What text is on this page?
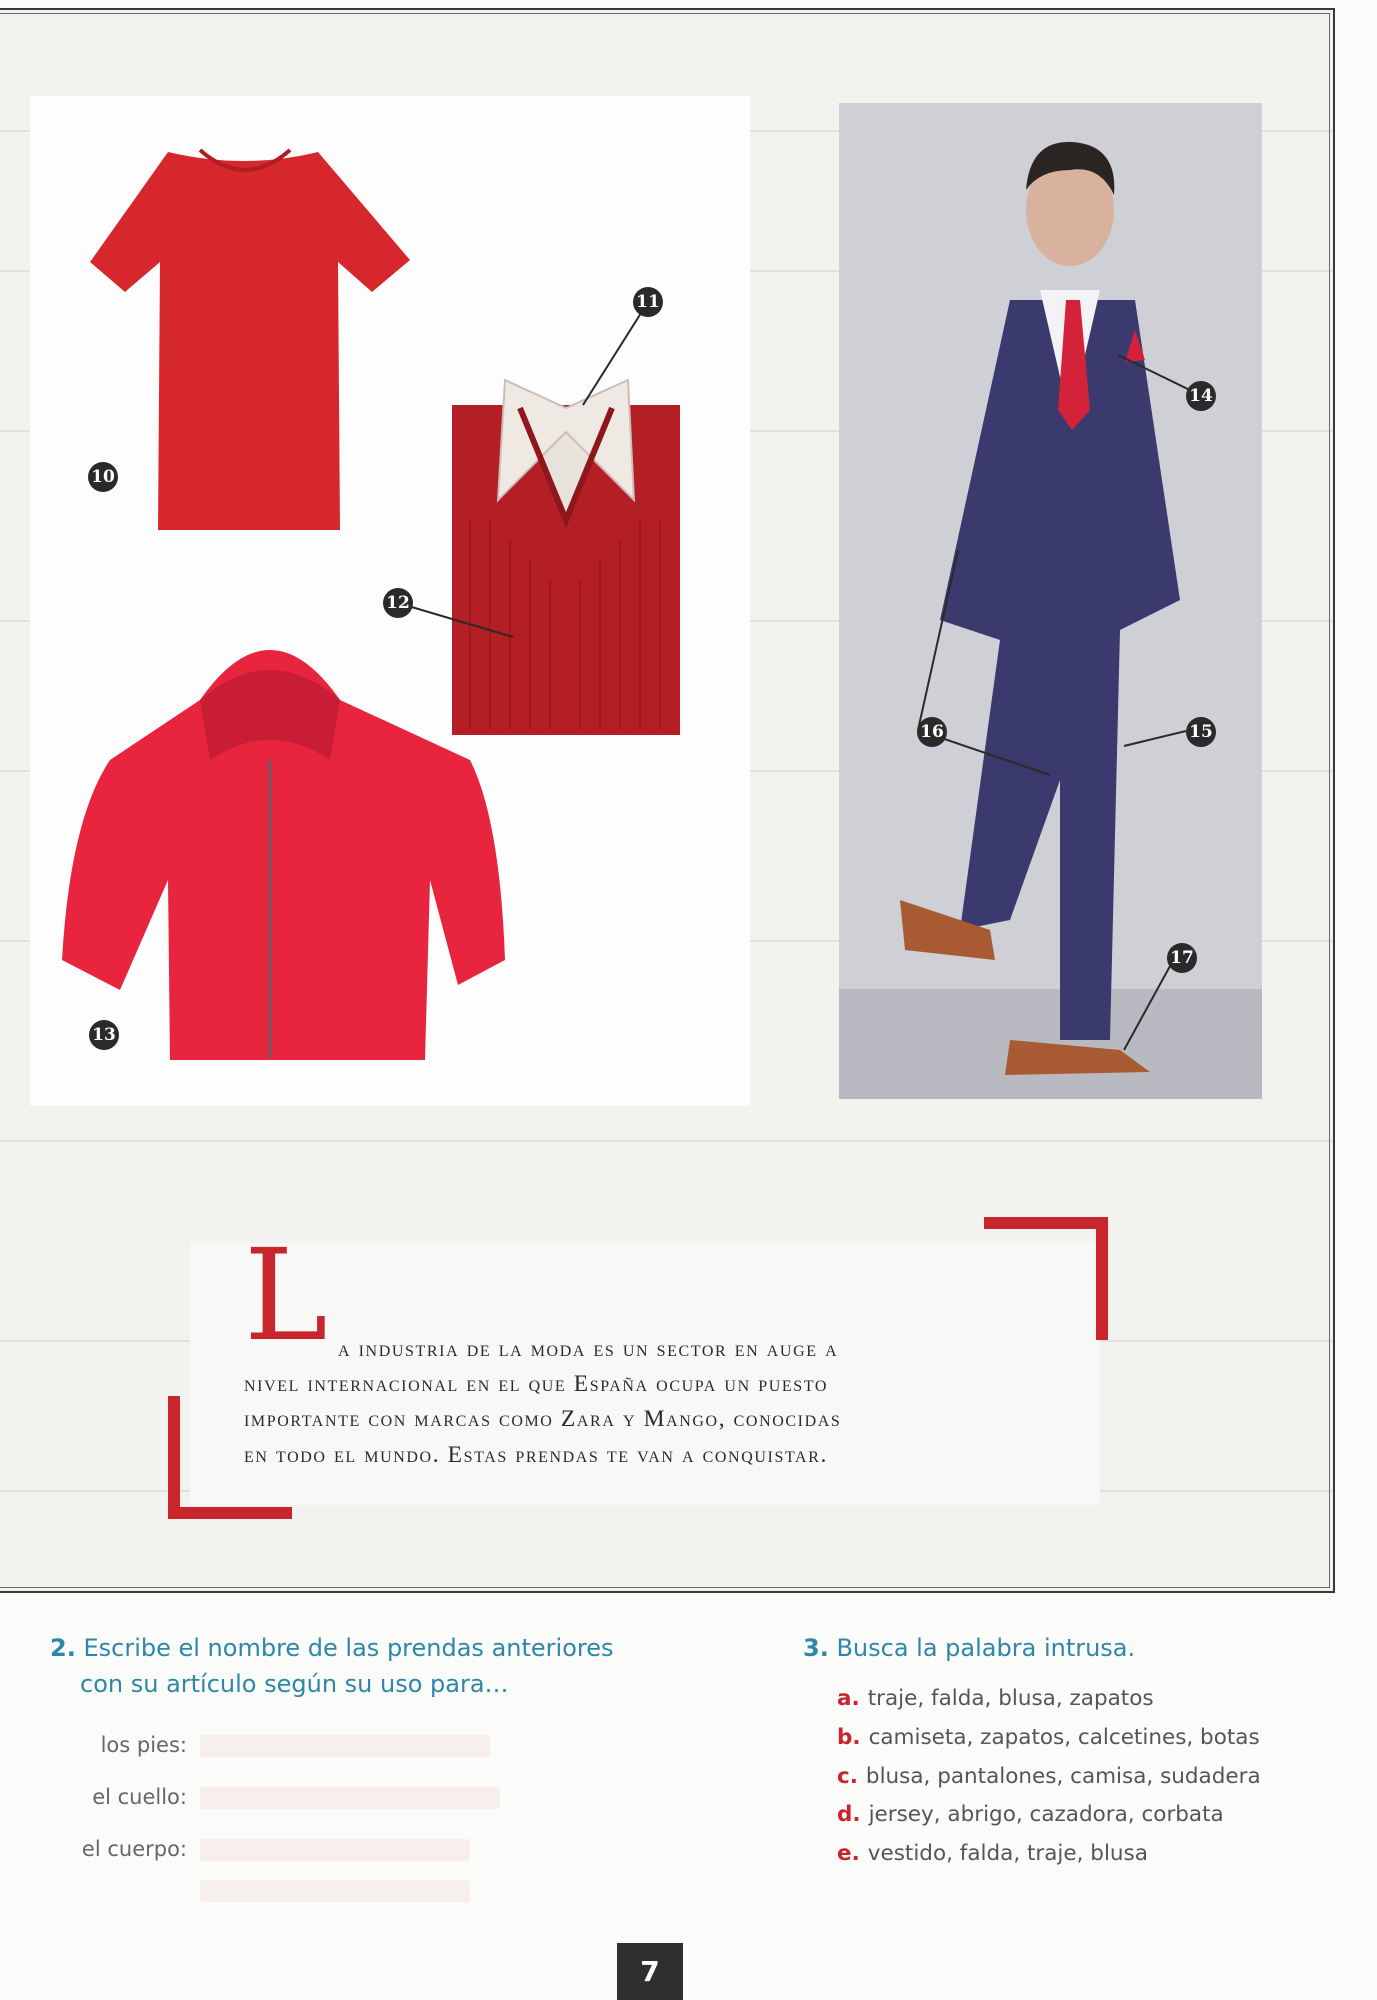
10
11
12
13
14
15
16
17
L a industria de la moda es un sector en auge a
nivel internacional en el que España ocupa un puesto
importante con marcas como Zara y Mango, conocidas
en todo el mundo. Estas prendas te van a conquistar.
2. Escribe el nombre de las prendas anteriores
con su artículo según su uso para…
los pies:
el cuello:
el cuerpo:
3. Busca la palabra intrusa.
a. traje, falda, blusa, zapatos
b. camiseta, zapatos, calcetines, botas
c. blusa, pantalones, camisa, sudadera
d. jersey, abrigo, cazadora, corbata
e. vestido, falda, traje, blusa
7
